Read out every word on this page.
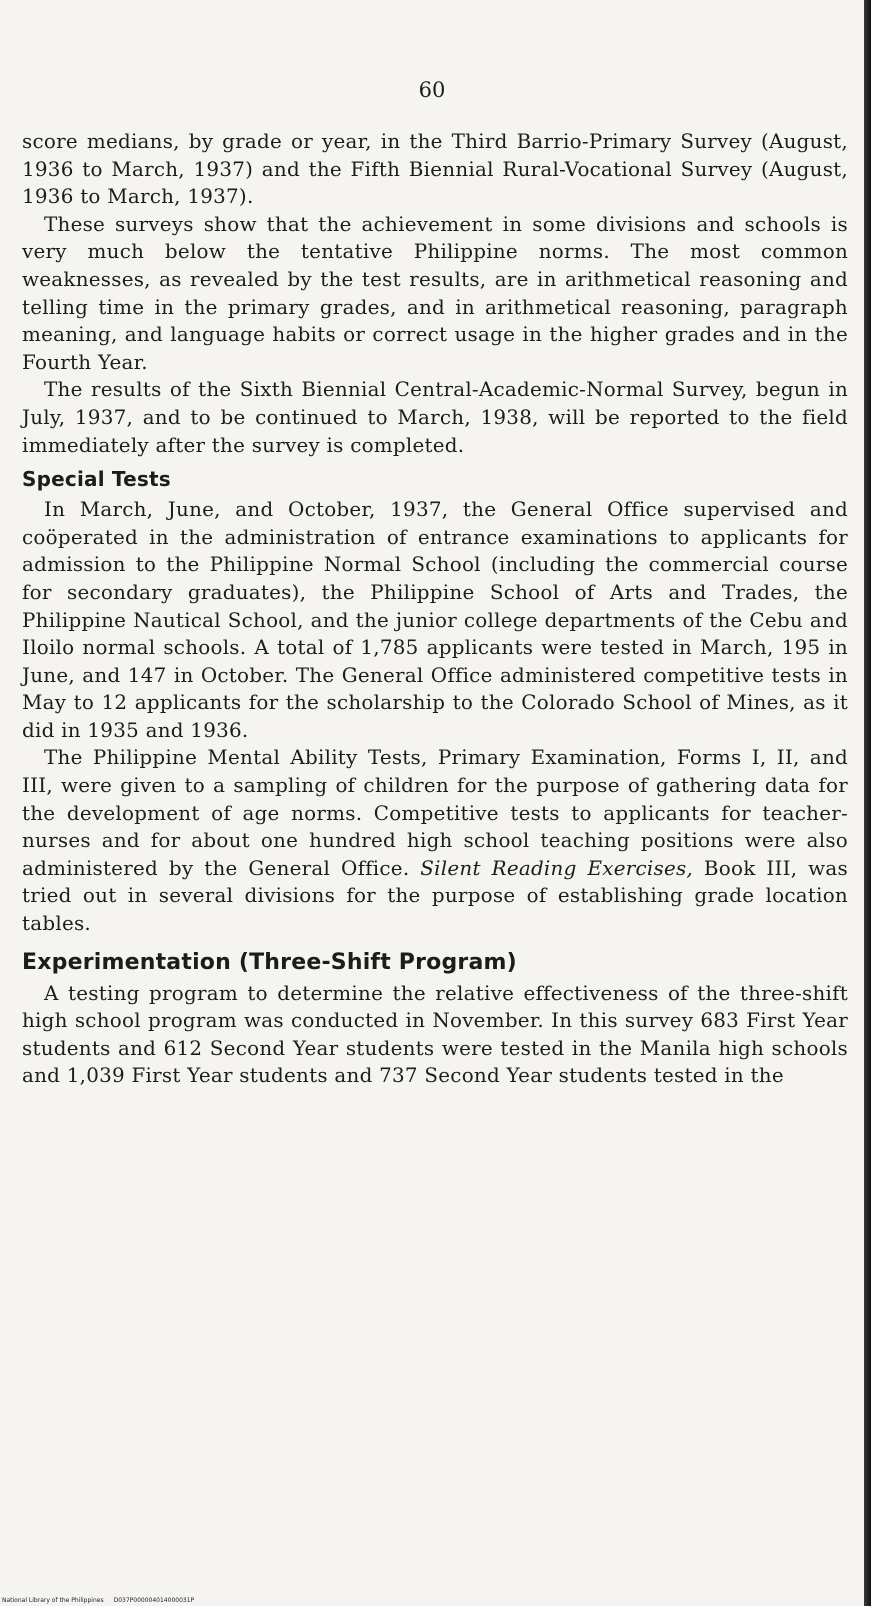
60

score medians, by grade or year, in the Third Barrio-Primary Survey (August, 1936 to March, 1937) and the Fifth Biennial Rural-Vocational Survey (August, 1936 to March, 1937).

These surveys show that the achievement in some divisions and schools is very much below the tentative Philippine norms. The most common weaknesses, as revealed by the test results, are in arithmetical reasoning and telling time in the primary grades, and in arithmetical reasoning, paragraph meaning, and language habits or correct usage in the higher grades and in the Fourth Year.

The results of the Sixth Biennial Central-Academic-Normal Survey, begun in July, 1937, and to be continued to March, 1938, will be reported to the field immediately after the survey is completed.

Special Tests

In March, June, and October, 1937, the General Office supervised and coöperated in the administration of entrance examinations to applicants for admission to the Philippine Normal School (including the commercial course for secondary graduates), the Philippine School of Arts and Trades, the Philippine Nautical School, and the junior college departments of the Cebu and Iloilo normal schools. A total of 1,785 applicants were tested in March, 195 in June, and 147 in October. The General Office administered competitive tests in May to 12 applicants for the scholarship to the Colorado School of Mines, as it did in 1935 and 1936.

The Philippine Mental Ability Tests, Primary Examination, Forms I, II, and III, were given to a sampling of children for the purpose of gathering data for the development of age norms. Competitive tests to applicants for teacher-nurses and for about one hundred high school teaching positions were also administered by the General Office. Silent Reading Exercises, Book III, was tried out in several divisions for the purpose of establishing grade location tables.

Experimentation (Three-Shift Program)

A testing program to determine the relative effectiveness of the three-shift high school program was conducted in November. In this survey 683 First Year students and 612 Second Year students were tested in the Manila high schools and 1,039 First Year students and 737 Second Year students tested in the

National Library of the Philippines D037P000004014000031P
